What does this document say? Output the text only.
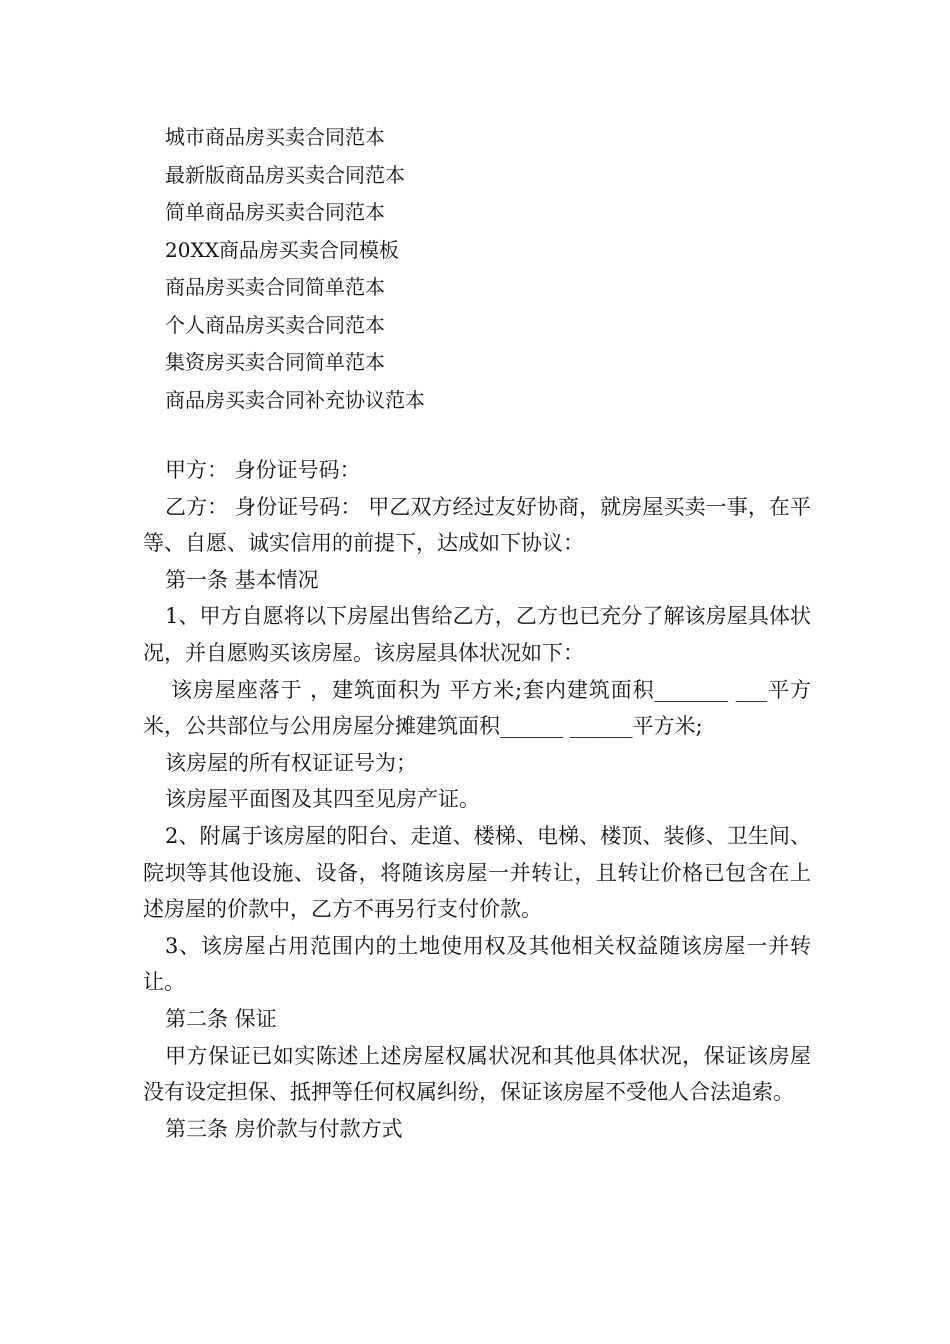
城市商品房买卖合同范本
最新版商品房买卖合同范本
简单商品房买卖合同范本
20XX商品房买卖合同模板
商品房买卖合同简单范本
个人商品房买卖合同范本
集资房买卖合同简单范本
商品房买卖合同补充协议范本

甲方： 身份证号码：

乙方： 身份证号码： 甲乙双方经过友好协商，就房屋买卖一事，在平等、自愿、诚实信用的前提下，达成如下协议：

第一条 基本情况

1、甲方自愿将以下房屋出售给乙方，乙方也已充分了解该房屋具体状况，并自愿购买该房屋。该房屋具体状况如下：

该房屋座落于 ，建筑面积为 平方米;套内建筑面积_______ ___平方米，公共部位与公用房屋分摊建筑面积______ ______平方米;

该房屋的所有权证证号为；

该房屋平面图及其四至见房产证。

2、附属于该房屋的阳台、走道、楼梯、电梯、楼顶、装修、卫生间、院坝等其他设施、设备，将随该房屋一并转让，且转让价格已包含在上述房屋的价款中，乙方不再另行支付价款。

3、该房屋占用范围内的土地使用权及其他相关权益随该房屋一并转让。

第二条 保证

甲方保证已如实陈述上述房屋权属状况和其他具体状况，保证该房屋没有设定担保、抵押等任何权属纠纷，保证该房屋不受他人合法追索。

第三条 房价款与付款方式
